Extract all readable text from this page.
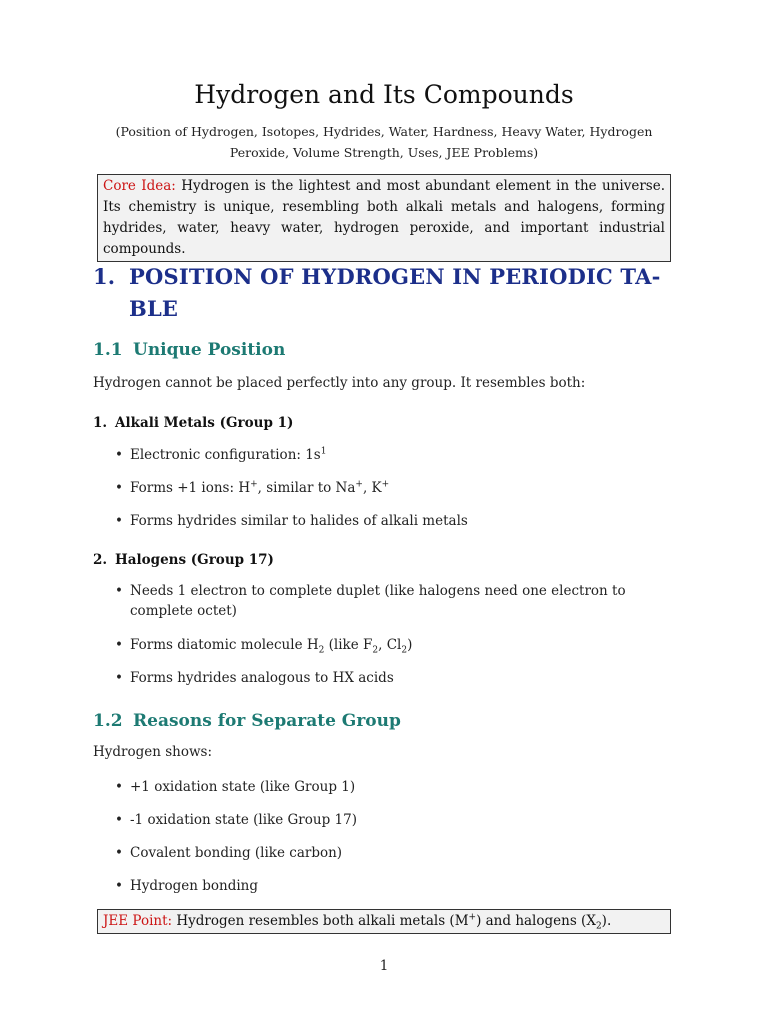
Hydrogen and Its Compounds
(Position of Hydrogen, Isotopes, Hydrides, Water, Hardness, Heavy Water, Hydrogen Peroxide, Volume Strength, Uses, JEE Problems)
Core Idea: Hydrogen is the lightest and most abundant element in the universe. Its chemistry is unique, resembling both alkali metals and halogens, forming hydrides, water, heavy water, hydrogen peroxide, and important industrial compounds.
1. POSITION OF HYDROGEN IN PERIODIC TA-
BLE
1.1 Unique Position
Hydrogen cannot be placed perfectly into any group. It resembles both:
1. Alkali Metals (Group 1)
• Electronic configuration: $1s^1$
• Forms +1 ions: H+, similar to Na+, K+
• Forms hydrides similar to halides of alkali metals
2. Halogens (Group 17)
• Needs 1 electron to complete duplet (like halogens need one electron to complete octet)
• Forms diatomic molecule $H_2$ (like $F_2$, $Cl_2$)
• Forms hydrides analogous to HX acids
1.2 Reasons for Separate Group
Hydrogen shows:
• +1 oxidation state (like Group 1)
• -1 oxidation state (like Group 17)
• Covalent bonding (like carbon)
• Hydrogen bonding
JEE Point: Hydrogen resembles both alkali metals (M+) and halogens $(X_2)$.
1
